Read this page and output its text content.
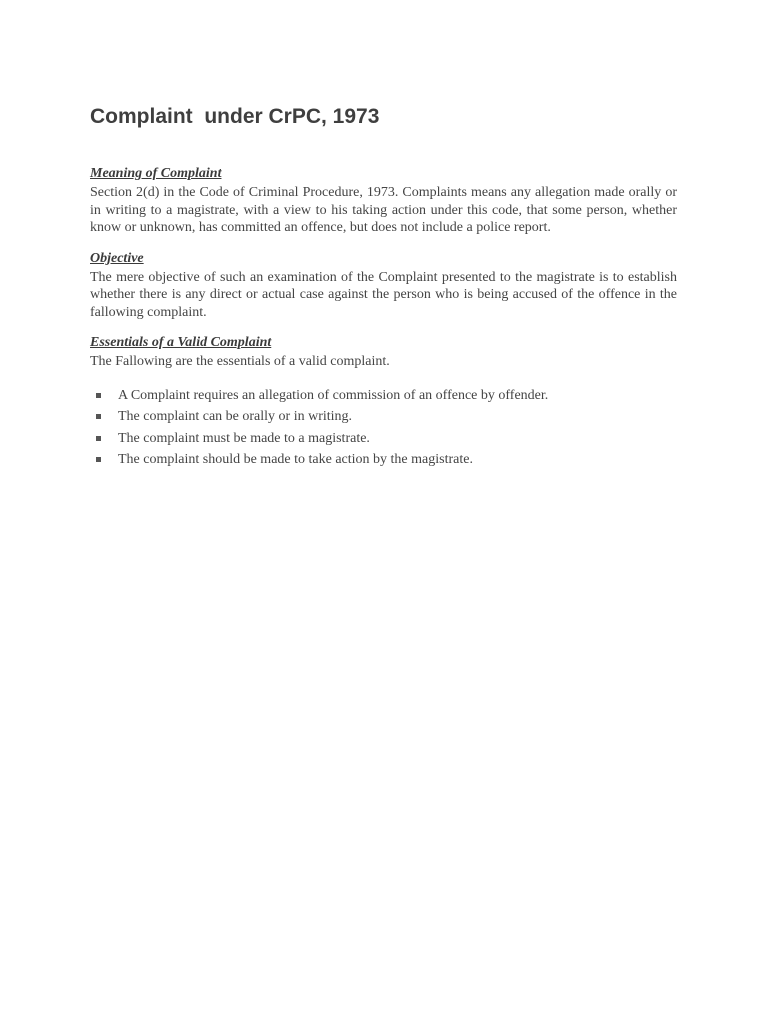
Complaint  under CrPC, 1973
Meaning of Complaint

Section 2(d) in the Code of Criminal Procedure, 1973. Complaints means any allegation made orally or in writing to a magistrate, with a view to his taking action under this code, that some person, whether know or unknown, has committed an offence, but does not include a police report.

Objective

The mere objective of such an examination of the Complaint presented to the magistrate is to establish whether there is any direct or actual case against the person who is being accused of the offence in the fallowing complaint.

Essentials of a Valid Complaint

The Fallowing are the essentials of a valid complaint.

A Complaint requires an allegation of commission of an offence by offender.
The complaint can be orally or in writing.
The complaint must be made to a magistrate.
The complaint should be made to take action by the magistrate.
